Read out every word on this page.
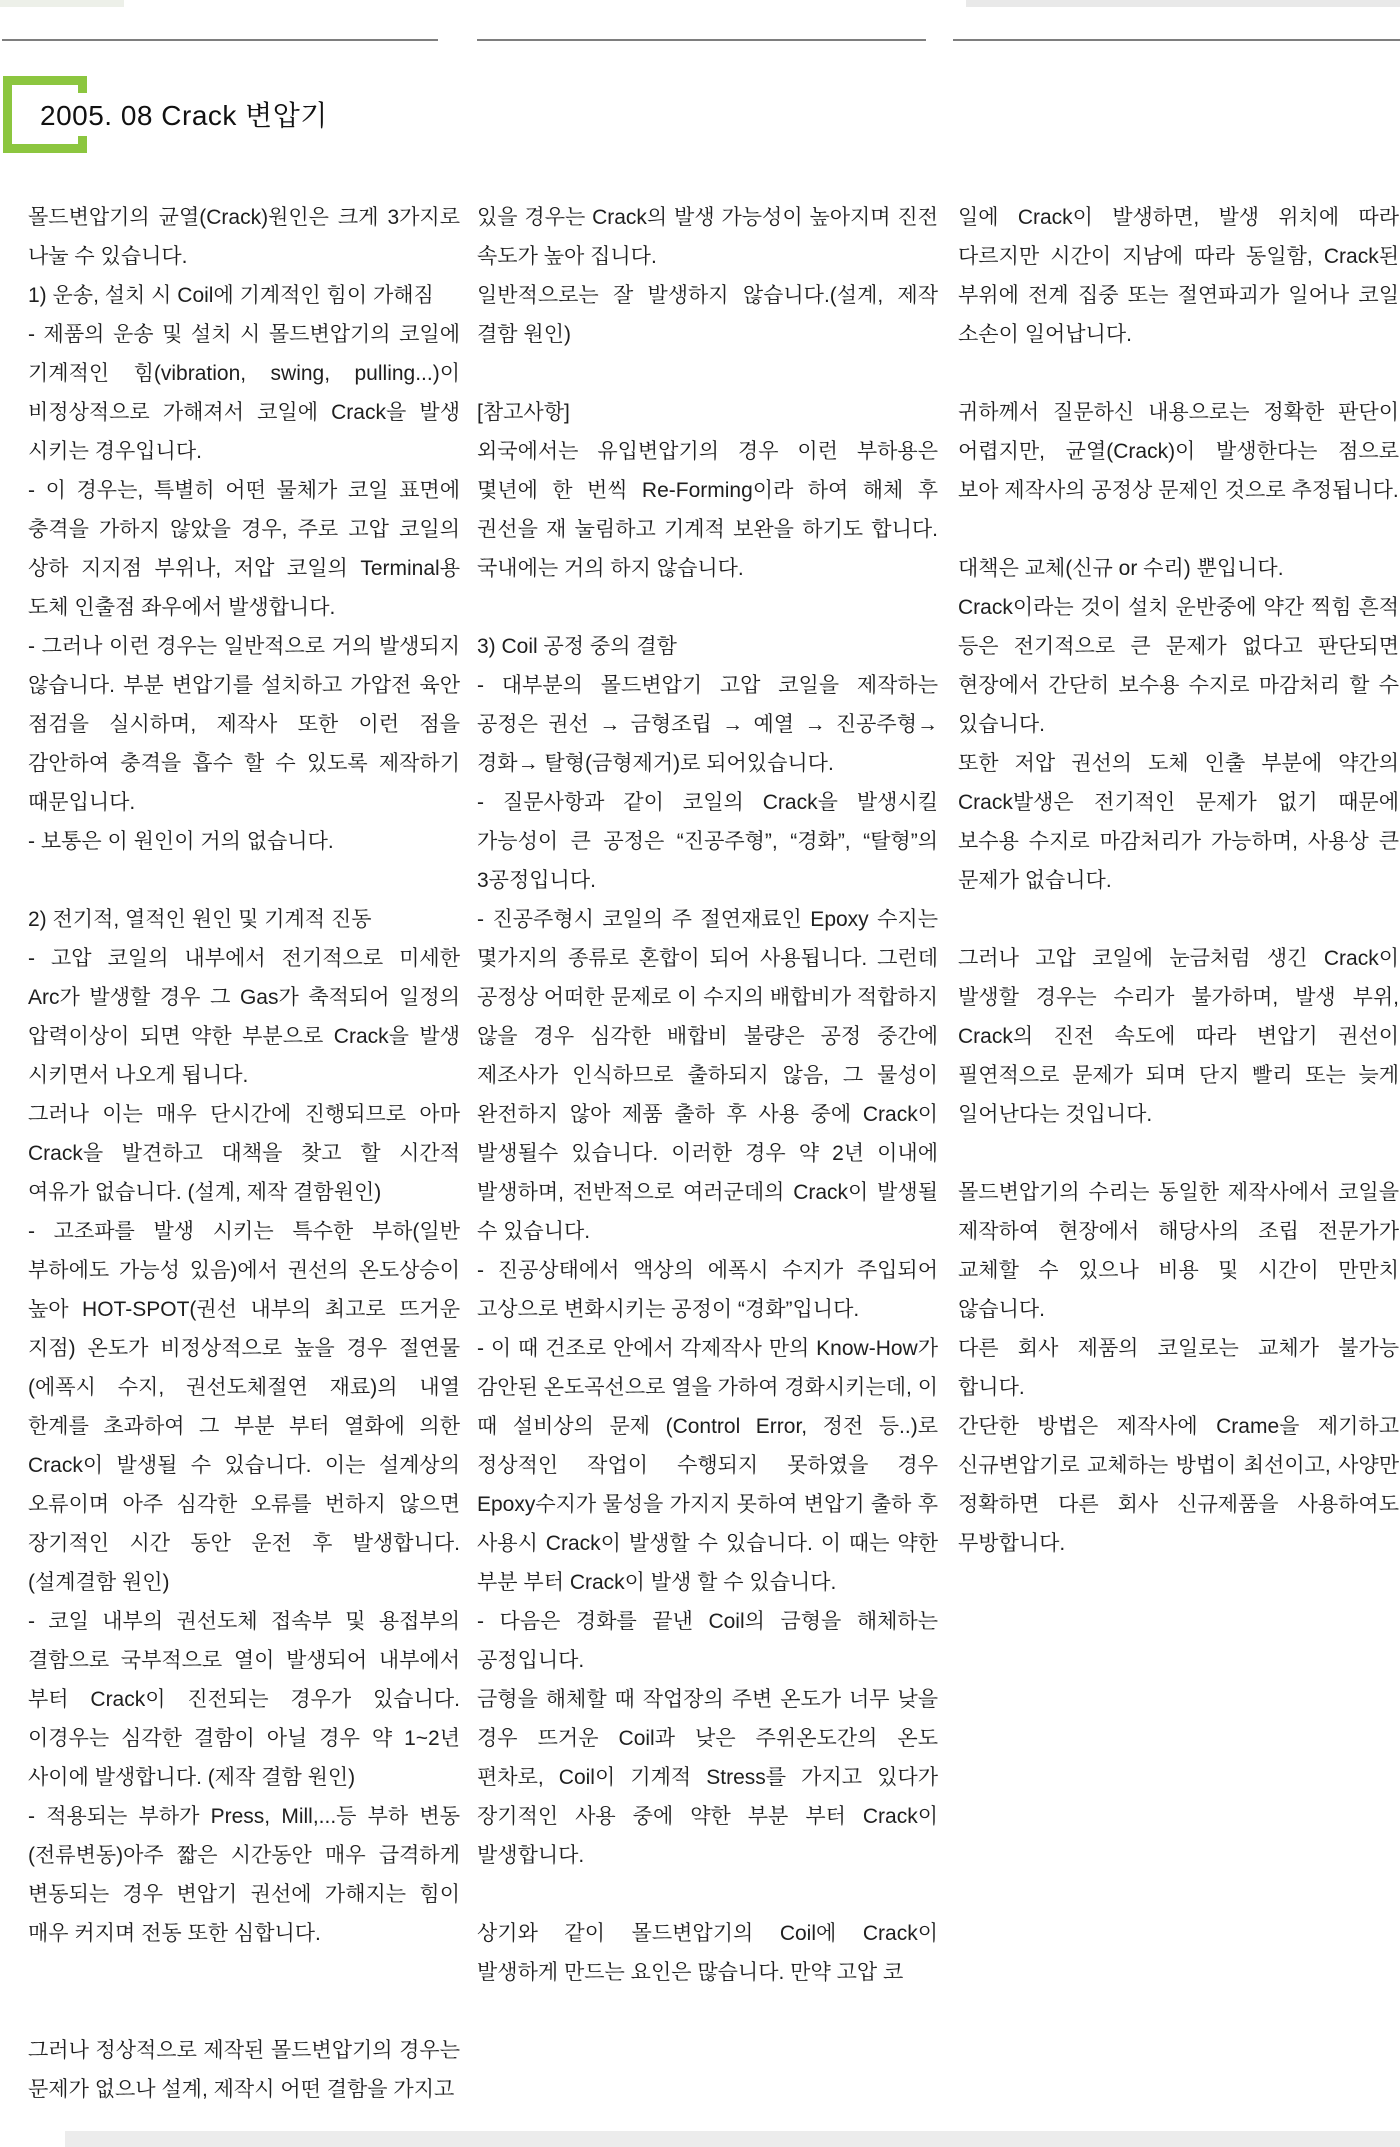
2005. 08 Crack 변압기

몰드변압기의 균열(Crack)원인은 크게 3가지로 나눌 수 있습니다.

1) 운송, 설치 시 Coil에 기계적인 힘이 가해짐

- 제품의 운송 및 설치 시 몰드변압기의 코일에 기계적인 힘(vibration, swing, pulling...)이 비정상적으로 가해져서 코일에 Crack을 발생 시키는 경우입니다.

- 이 경우는, 특별히 어떤 물체가 코일 표면에 충격을 가하지 않았을 경우, 주로 고압 코일의 상하 지지점 부위나, 저압 코일의 Terminal용 도체 인출점 좌우에서 발생합니다.

- 그러나 이런 경우는 일반적으로 거의 발생되지 않습니다. 부분 변압기를 설치하고 가압전 육안 점검을 실시하며, 제작사 또한 이런 점을 감안하여 충격을 흡수 할 수 있도록 제작하기 때문입니다.

- 보통은 이 원인이 거의 없습니다.

2) 전기적, 열적인 원인 및 기계적 진동

- 고압 코일의 내부에서 전기적으로 미세한 Arc가 발생할 경우 그 Gas가 축적되어 일정의 압력이상이 되면 약한 부분으로 Crack을 발생 시키면서 나오게 됩니다.

그러나 이는 매우 단시간에 진행되므로 아마 Crack을 발견하고 대책을 찾고 할 시간적 여유가 없습니다. (설계, 제작 결함원인)

- 고조파를 발생 시키는 특수한 부하(일반 부하에도 가능성 있음)에서 권선의 온도상승이 높아 HOT-SPOT(권선 내부의 최고로 뜨거운 지점) 온도가 비정상적으로 높을 경우 절연물(에폭시 수지, 권선도체절연 재료)의 내열 한계를 초과하여 그 부분 부터 열화에 의한 Crack이 발생될 수 있습니다. 이는 설계상의 오류이며 아주 심각한 오류를 번하지 않으면 장기적인 시간 동안 운전 후 발생합니다. (설계결함 원인)

- 코일 내부의 권선도체 접속부 및 용접부의 결함으로 국부적으로 열이 발생되어 내부에서 부터 Crack이 진전되는 경우가 있습니다. 이경우는 심각한 결함이 아닐 경우 약 1~2년 사이에 발생합니다. (제작 결함 원인)

- 적용되는 부하가 Press, Mill,...등 부하 변동(전류변동)아주 짧은 시간동안 매우 급격하게 변동되는 경우 변압기 권선에 가해지는 힘이 매우 커지며 전동 또한 심합니다.

그러나 정상적으로 제작된 몰드변압기의 경우는 문제가 없으나 설계, 제작시 어떤 결함을 가지고

있을 경우는 Crack의 발생 가능성이 높아지며 진전 속도가 높아 집니다.

일반적으로는 잘 발생하지 않습니다.(설계, 제작 결함 원인)

[참고사항]

외국에서는 유입변압기의 경우 이런 부하용은 몇년에 한 번씩 Re-Forming이라 하여 해체 후 권선을 재 눌림하고 기계적 보완을 하기도 합니다. 국내에는 거의 하지 않습니다.

3) Coil 공정 중의 결함

- 대부분의 몰드변압기 고압 코일을 제작하는 공정은 권선 → 금형조립 → 예열 → 진공주형→ 경화→ 탈형(금형제거)로 되어있습니다.

- 질문사항과 같이 코일의 Crack을 발생시킬 가능성이 큰 공정은 “진공주형”, “경화”, “탈형”의 3공정입니다.

- 진공주형시 코일의 주 절연재료인 Epoxy 수지는 몇가지의 종류로 혼합이 되어 사용됩니다. 그런데 공정상 어떠한 문제로 이 수지의 배합비가 적합하지 않을 경우 심각한 배합비 불량은 공정 중간에 제조사가 인식하므로 출하되지 않음, 그 물성이 완전하지 않아 제품 출하 후 사용 중에 Crack이 발생될수 있습니다. 이러한 경우 약 2년 이내에 발생하며, 전반적으로 여러군데의 Crack이 발생될 수 있습니다.

- 진공상태에서 액상의 에폭시 수지가 주입되어 고상으로 변화시키는 공정이 “경화”입니다.

- 이 때 건조로 안에서 각제작사 만의 Know-How가 감안된 온도곡선으로 열을 가하여 경화시키는데, 이 때 설비상의 문제 (Control Error, 정전 등..)로 정상적인 작업이 수행되지 못하였을 경우 Epoxy수지가 물성을 가지지 못하여 변압기 출하 후 사용시 Crack이 발생할 수 있습니다. 이 때는 약한 부분 부터 Crack이 발생 할 수 있습니다.

- 다음은 경화를 끝낸 Coil의 금형을 해체하는 공정입니다.

금형을 해체할 때 작업장의 주변 온도가 너무 낮을 경우 뜨거운 Coil과 낮은 주위온도간의 온도 편차로, Coil이 기계적 Stress를 가지고 있다가 장기적인 사용 중에 약한 부분 부터 Crack이 발생합니다.

상기와 같이 몰드변압기의 Coil에 Crack이 발생하게 만드는 요인은 많습니다. 만약 고압 코

일에 Crack이 발생하면, 발생 위치에 따라 다르지만 시간이 지남에 따라 동일함, Crack된 부위에 전계 집중 또는 절연파괴가 일어나 코일 소손이 일어납니다.

귀하께서 질문하신 내용으로는 정확한 판단이 어렵지만, 균열(Crack)이 발생한다는 점으로 보아 제작사의 공정상 문제인 것으로 추정됩니다.

대책은 교체(신규 or 수리) 뿐입니다.

Crack이라는 것이 설치 운반중에 약간 찍힘 흔적 등은 전기적으로 큰 문제가 없다고 판단되면 현장에서 간단히 보수용 수지로 마감처리 할 수 있습니다.

또한 저압 권선의 도체 인출 부분에 약간의 Crack발생은 전기적인 문제가 없기 때문에 보수용 수지로 마감처리가 가능하며, 사용상 큰 문제가 없습니다.

그러나 고압 코일에 눈금처럼 생긴 Crack이 발생할 경우는 수리가 불가하며, 발생 부위, Crack의 진전 속도에 따라 변압기 권선이 필연적으로 문제가 되며 단지 빨리 또는 늦게 일어난다는 것입니다.

몰드변압기의 수리는 동일한 제작사에서 코일을 제작하여 현장에서 해당사의 조립 전문가가 교체할 수 있으나 비용 및 시간이 만만치 않습니다.

다른 회사 제품의 코일로는 교체가 불가능 합니다.

간단한 방법은 제작사에 Crame을 제기하고 신규변압기로 교체하는 방법이 최선이고, 사양만 정확하면 다른 회사 신규제품을 사용하여도 무방합니다.
